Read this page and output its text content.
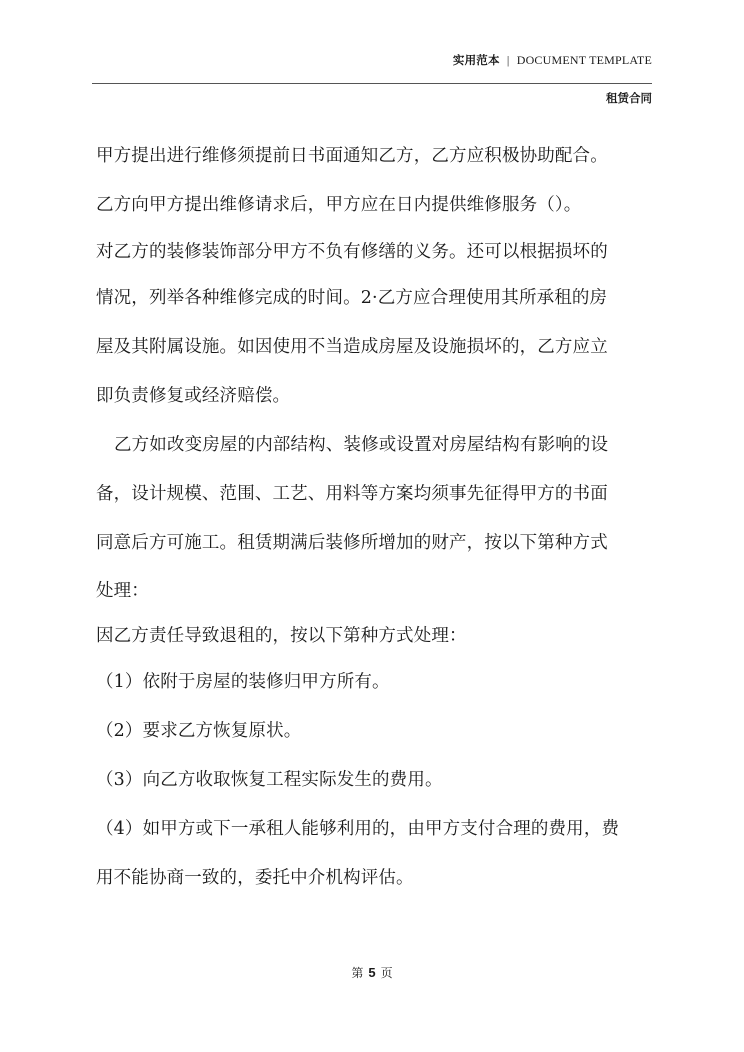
实用范本 | DOCUMENT TEMPLATE
租赁合同
甲方提出进行维修须提前日书面通知乙方，乙方应积极协助配合。
乙方向甲方提出维修请求后，甲方应在日内提供维修服务（）。
对乙方的装修装饰部分甲方不负有修缮的义务。还可以根据损坏的
情况，列举各种维修完成的时间。2·乙方应合理使用其所承租的房
屋及其附属设施。如因使用不当造成房屋及设施损坏的，乙方应立
即负责修复或经济赔偿。
乙方如改变房屋的内部结构、装修或设置对房屋结构有影响的设
备，设计规模、范围、工艺、用料等方案均须事先征得甲方的书面
同意后方可施工。租赁期满后装修所增加的财产，按以下第种方式
处理：
因乙方责任导致退租的，按以下第种方式处理：
（1）依附于房屋的装修归甲方所有。
（2）要求乙方恢复原状。
（3）向乙方收取恢复工程实际发生的费用。
（4）如甲方或下一承租人能够利用的，由甲方支付合理的费用，费
用不能协商一致的，委托中介机构评估。
第 5 页
